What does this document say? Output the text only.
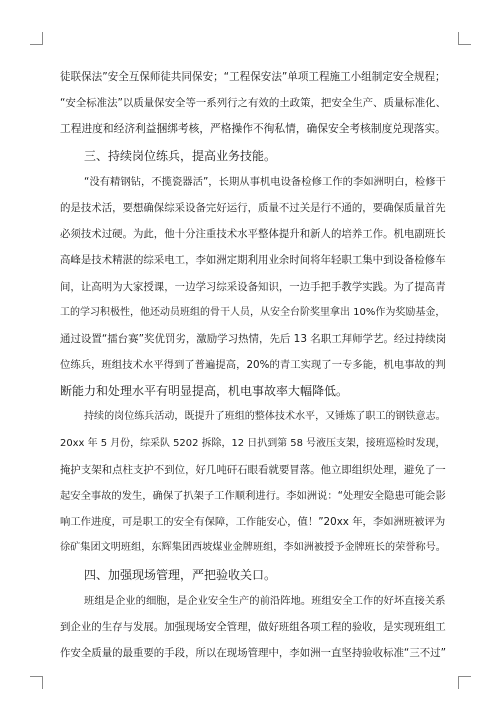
徒联保法”安全互保师徒共同保安；“工程保安法”单项工程施工小组制定安全规程；
“安全标准法”以质量保安全等一系列行之有效的土政策，把安全生产、质量标准化、
工程进度和经济利益捆绑考核，严格操作不徇私情，确保安全考核制度兑现落实。
三、持续岗位练兵，提高业务技能。
“没有精钢钻，不揽瓷器活”，长期从事机电设备检修工作的李如洲明白，检修干
的是技术活，要想确保综采设备完好运行，质量不过关是行不通的，要确保质量首先
必须技术过硬。为此，他十分注重技术水平整体提升和新人的培养工作。机电副班长
高峰是技术精湛的综采电工，李如洲定期利用业余时间将年轻职工集中到设备检修车
间，让高明为大家授课，一边学习综采设备知识，一边手把手教学实践。为了提高青
工的学习积极性，他还动员班组的骨干人员，从安全台阶奖里拿出 10%作为奖励基金，
通过设置“擂台赛”奖优罚劣，激励学习热情，先后 13 名职工拜师学艺。经过持续岗
位练兵，班组技术水平得到了普遍提高，20%的青工实现了一专多能，机电事故的判
断能力和处理水平有明显提高，机电事故率大幅降低。
持续的岗位练兵活动，既提升了班组的整体技术水平，又锤炼了职工的钢铁意志。
20xx 年 5 月份，综采队 5202 拆除，12 日扒到第 58 号液压支架，接班巡检时发现，
掩护支架和点柱支护不到位，好几吨矸石眼看就要冒落。他立即组织处理，避免了一
起安全事故的发生，确保了扒架子工作顺利进行。李如洲说：“处理安全隐患可能会影
响工作进度，可是职工的安全有保障，工作能安心，值！”20xx 年，李如洲班被评为
徐矿集团文明班组，东辉集团西坡煤业金牌班组，李如洲被授予金牌班长的荣誉称号。
四、加强现场管理，严把验收关口。
班组是企业的细胞，是企业安全生产的前沿阵地。班组安全工作的好坏直接关系
到企业的生存与发展。加强现场安全管理，做好班组各项工程的验收，是实现班组工
作安全质量的最重要的手段，所以在现场管理中，李如洲一直坚持验收标准“三不过”
